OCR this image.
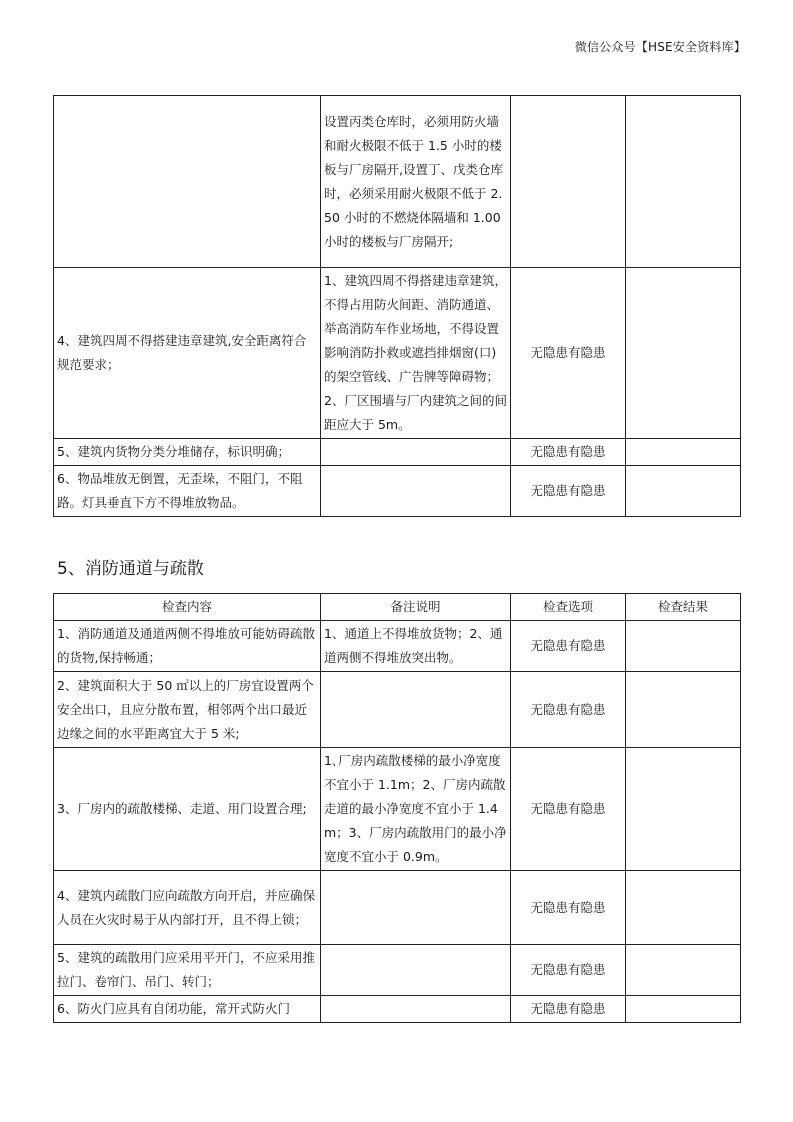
微信公众号【HSE安全资料库】
	设置丙类仓库时，必须用防火墙和耐火极限不低于 1.5 小时的楼板与厂房隔开,设置丁、戊类仓库时，必须采用耐火极限不低于 2.50 小时的不燃烧体隔墙和 1.00 小时的楼板与厂房隔开;		
4、建筑四周不得搭建违章建筑,安全距离符合规范要求；	1、建筑四周不得搭建违章建筑，不得占用防火间距、消防通道、举高消防车作业场地，不得设置影响消防扑救或遮挡排烟窗(口)的架空管线、广告牌等障碍物；2、厂区围墙与厂内建筑之间的间距应大于 5m。	无隐患有隐患	
5、建筑内货物分类分堆储存，标识明确；		无隐患有隐患	
6、物品堆放无倒置，无歪垛，不阻门，不阻路。灯具垂直下方不得堆放物品。		无隐患有隐患	
5、消防通道与疏散
检查内容	备注说明	检查选项	检查结果
1、消防通道及通道两侧不得堆放可能妨碍疏散的货物,保持畅通；	1、通道上不得堆放货物；2、通道两侧不得堆放突出物。	无隐患有隐患	
2、建筑面积大于 50 ㎡以上的厂房宜设置两个安全出口，且应分散布置，相邻两个出口最近边缘之间的水平距离宜大于 5 米;		无隐患有隐患	
3、厂房内的疏散楼梯、走道、用门设置合理;	1､厂房内疏散楼梯的最小净宽度不宜小于 1.1m；2、厂房内疏散走道的最小净宽度不宜小于 1.4m；3、厂房内疏散用门的最小净宽度不宜小于 0.9m。	无隐患有隐患	
4、建筑内疏散门应向疏散方向开启，并应确保人员在火灾时易于从内部打开，且不得上锁；		无隐患有隐患	
5、建筑的疏散用门应采用平开门，不应采用推拉门、卷帘门、吊门、转门；		无隐患有隐患	
6、防火门应具有自闭功能，常开式防火门		无隐患有隐患	
